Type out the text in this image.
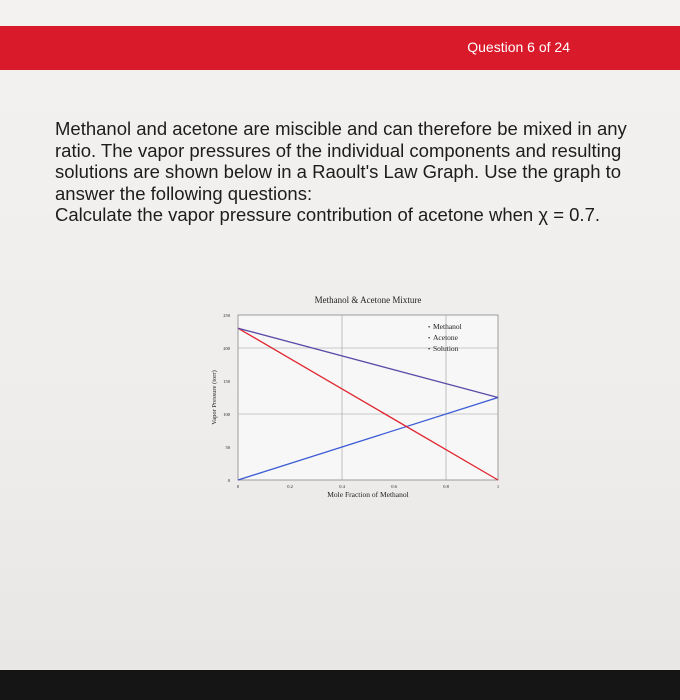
Question 6 of 24

Methanol and acetone are miscible and can therefore be mixed in any ratio. The vapor pressures of the individual components and resulting solutions are shown below in a Raoult's Law Graph. Use the graph to answer the following questions:

Calculate the vapor pressure contribution of acetone when χ = 0.7.

Methanol & Acetone Mixture
0
50
100
150
200
250
0	0.2	0.4	0.6	0.8	1
Mole Fraction of Methanol
Vapor Pressure (torr)
• Methanol
• Acetone
• Solution
